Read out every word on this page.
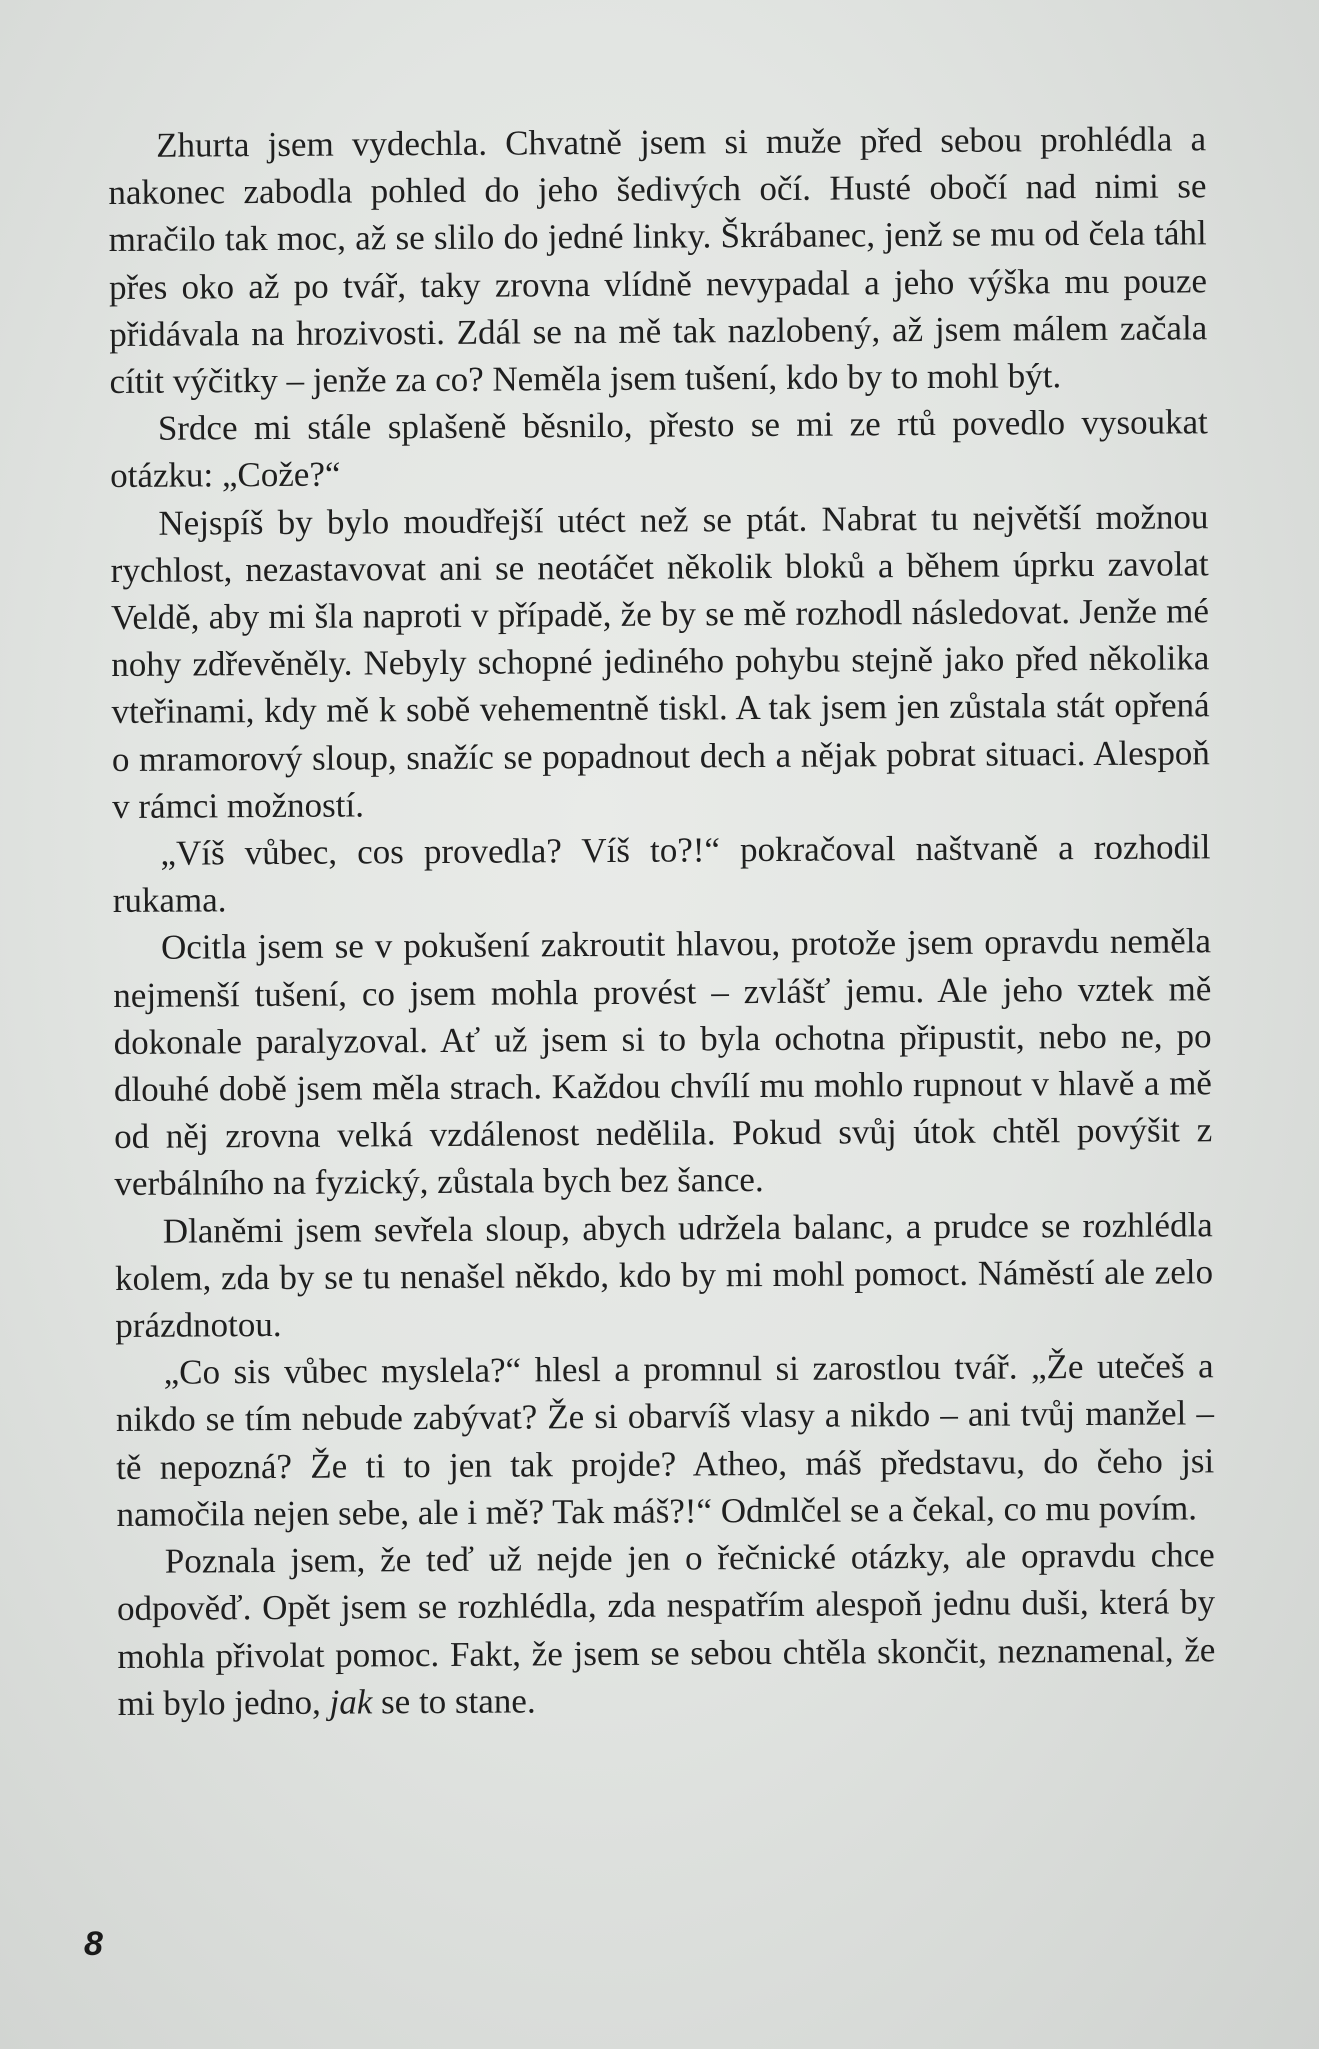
Zhurta jsem vydechla. Chvatně jsem si muže před sebou prohlédla a nakonec zabodla pohled do jeho šedivých očí. Husté obočí nad nimi se mračilo tak moc, až se slilo do jedné linky. Škrábanec, jenž se mu od čela táhl přes oko až po tvář, taky zrovna vlídně nevypadal a jeho výška mu pouze přidávala na hrozivosti. Zdál se na mě tak nazlobený, až jsem málem začala cítit výčitky – jenže za co? Neměla jsem tušení, kdo by to mohl být.

Srdce mi stále splašeně běsnilo, přesto se mi ze rtů povedlo vysoukat otázku: „Cože?“

Nejspíš by bylo moudřejší utéct než se ptát. Nabrat tu největší možnou rychlost, nezastavovat ani se neotáčet několik bloků a během úprku zavolat Veldě, aby mi šla naproti v případě, že by se mě rozhodl následovat. Jenže mé nohy zdřevěněly. Nebyly schopné jediného pohybu stejně jako před několika vteřinami, kdy mě k sobě vehementně tiskl. A tak jsem jen zůstala stát opřená o mramorový sloup, snažíc se popadnout dech a nějak pobrat situaci. Alespoň v rámci možností.

„Víš vůbec, cos provedla? Víš to?!“ pokračoval naštvaně a rozhodil rukama.

Ocitla jsem se v pokušení zakroutit hlavou, protože jsem opravdu neměla nejmenší tušení, co jsem mohla provést – zvlášť jemu. Ale jeho vztek mě dokonale paralyzoval. Ať už jsem si to byla ochotna připustit, nebo ne, po dlouhé době jsem měla strach. Každou chvílí mu mohlo rupnout v hlavě a mě od něj zrovna velká vzdálenost nedělila. Pokud svůj útok chtěl povýšit z verbálního na fyzický, zůstala bych bez šance.

Dlaněmi jsem sevřela sloup, abych udržela balanc, a prudce se rozhlédla kolem, zda by se tu nenašel někdo, kdo by mi mohl pomoct. Náměstí ale zelo prázdnotou.

„Co sis vůbec myslela?“ hlesl a promnul si zarostlou tvář. „Že utečeš a nikdo se tím nebude zabývat? Že si obarvíš vlasy a nikdo – ani tvůj manžel – tě nepozná? Že ti to jen tak projde? Atheo, máš představu, do čeho jsi namočila nejen sebe, ale i mě? Tak máš?!“ Odmlčel se a čekal, co mu povím.

Poznala jsem, že teď už nejde jen o řečnické otázky, ale opravdu chce odpověď. Opět jsem se rozhlédla, zda nespatřím alespoň jednu duši, která by mohla přivolat pomoc. Fakt, že jsem se sebou chtěla skončit, neznamenal, že mi bylo jedno, jak se to stane.

8
